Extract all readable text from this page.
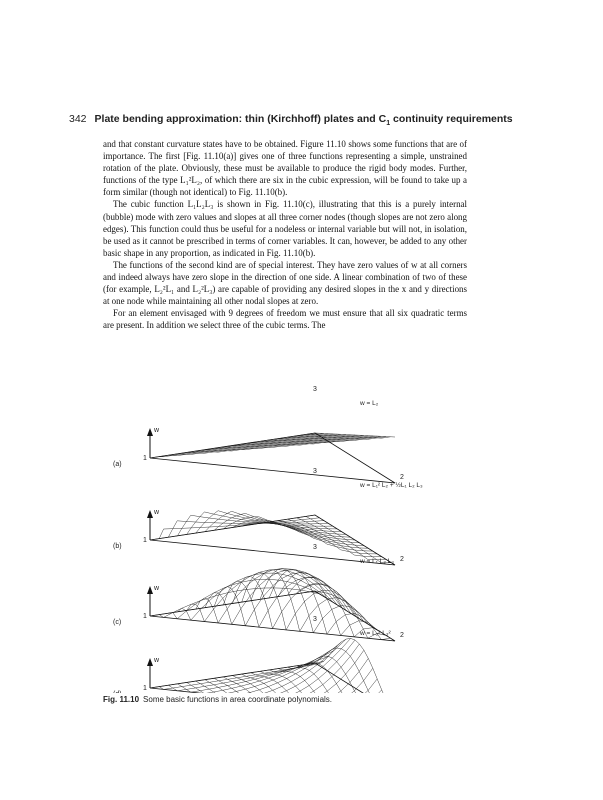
342 Plate bending approximation: thin (Kirchhoff) plates and $C_1$ continuity requirements

and that constant curvature states have to be obtained. Figure 11.10 shows some functions that are of importance. The first [Fig. 11.10(a)] gives one of three functions representing a simple, unstrained rotation of the plate. Obviously, these must be available to produce the rigid body modes. Further, functions of the type L₁²L₂, of which there are six in the cubic expression, will be found to take up a form similar (though not identical) to Fig. 11.10(b).

The cubic function L₁L₂L₃ is shown in Fig. 11.10(c), illustrating that this is a purely internal (bubble) mode with zero values and slopes at all three corner nodes (though slopes are not zero along edges). This function could thus be useful for a nodeless or internal variable but will not, in isolation, be used as it cannot be prescribed in terms of corner variables. It can, however, be added to any other basic shape in any proportion, as indicated in Fig. 11.10(b).

The functions of the second kind are of special interest. They have zero values of w at all corners and indeed always have zero slope in the direction of one side. A linear combination of two of these (for example, L₂²L₁ and L₂²L₃) are capable of providing any desired slopes in the x and y directions at one node while maintaining all other nodal slopes at zero.

For an element envisaged with 9 degrees of freedom we must ensure that all six quadratic terms are present. In addition we select three of the cubic terms. The

w
1
2
3
w = L₂
(a)
w
1
2
3
w = L₁² L₂ + ½L₁ L₂ L₃
(b)
w
1
2
3
w = L₁ L₂ L₃
(c)
w
1
3
w = L₂² L₃²
Fig. 11.10 Some basic functions in area coordinate polynomials.
